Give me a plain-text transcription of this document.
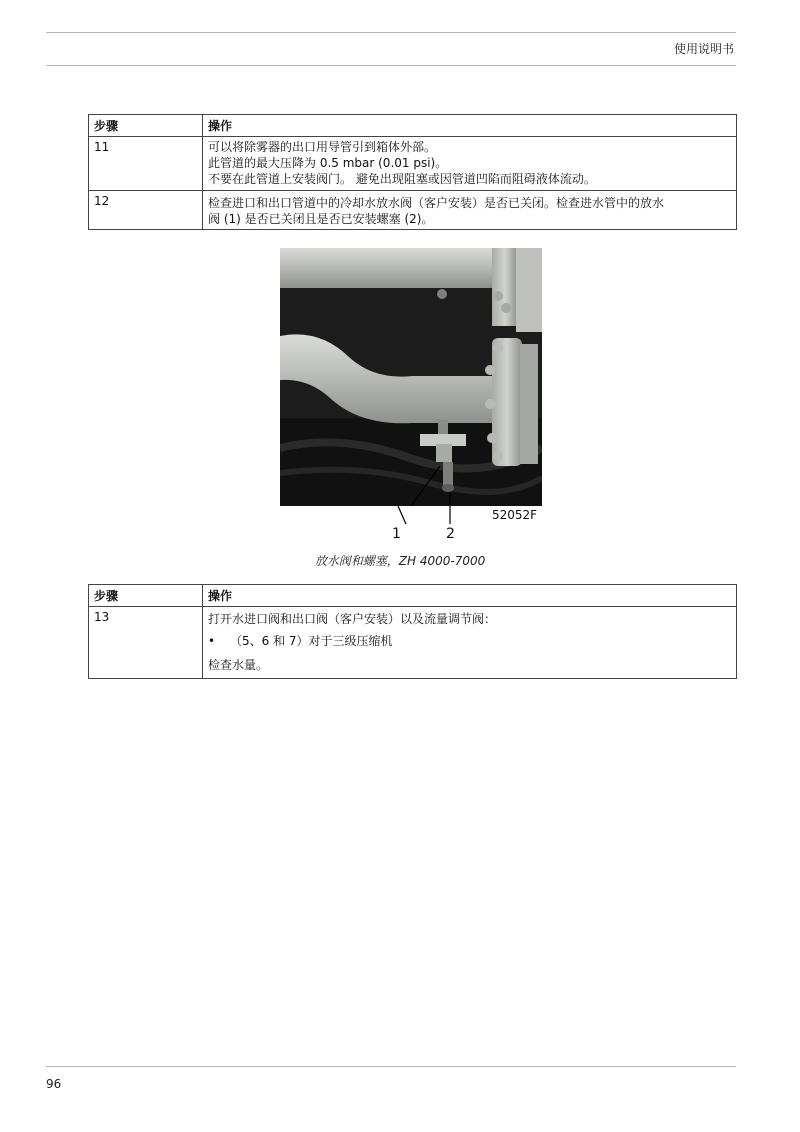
使用说明书
步骤	操作
11	可以将除雾器的出口用导管引到箱体外部。
此管道的最大压降为 0.5 mbar (0.01 psi)。
不要在此管道上安装阀门。 避免出现阻塞或因管道凹陷而阻碍液体流动。

12	检查进口和出口管道中的冷却水放水阀（客户安装）是否已关闭。检查进水管中的放水
阀 (1) 是否已关闭且是否已安装螺塞 (2)。
52052F
1	2
放水阀和螺塞，ZH 4000-7000
步骤	操作
13	打开水进口阀和出口阀（客户安装）以及流量调节阀：
• （5、6 和 7）对于三级压缩机
检查水量。
96
